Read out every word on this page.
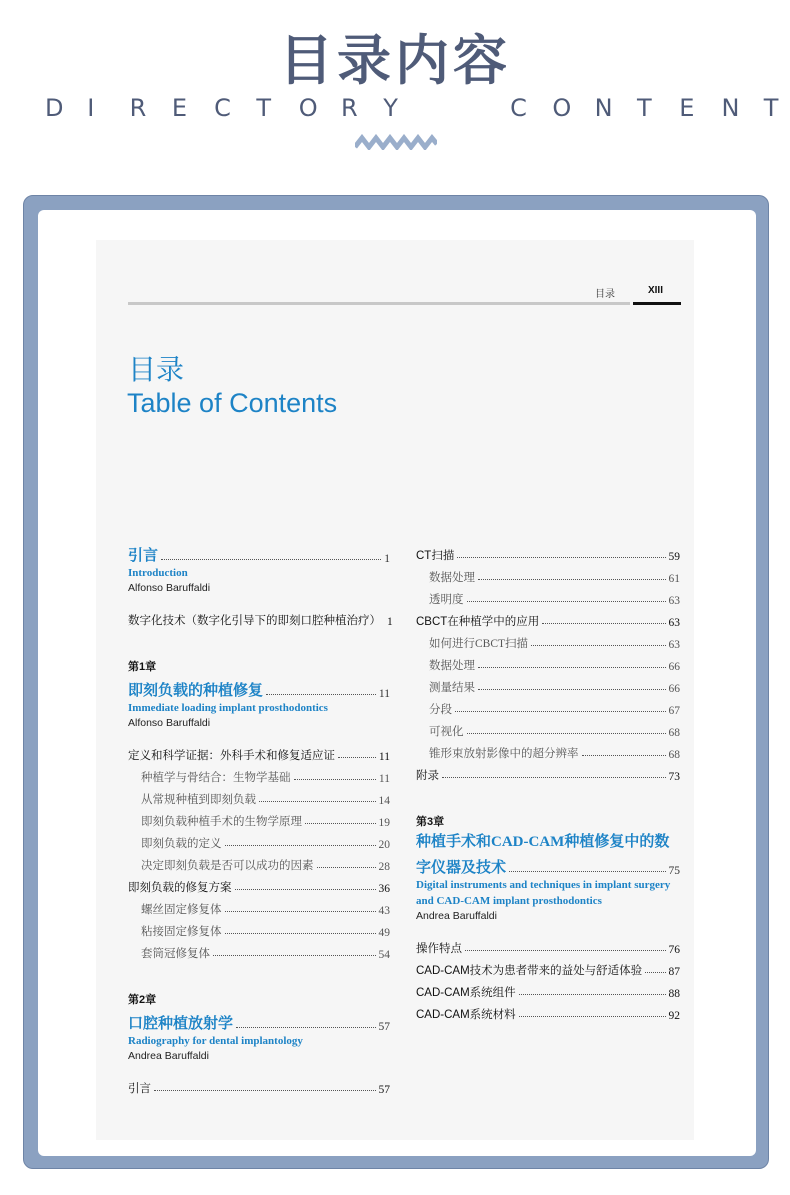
目录内容
D I R E C T O R Y	C O N T E N T
目录	XIII
目录
Table of Contents
引言	1
Introduction
Alfonso Baruffaldi
数字化技术（数字化引导下的即刻口腔种植治疗） 1
第1章
即刻负载的种植修复	11
Immediate loading implant prosthodontics
Alfonso Baruffaldi
定义和科学证据：外科手术和修复适应证	11
种植学与骨结合：生物学基础	11
从常规种植到即刻负载	14
即刻负载种植手术的生物学原理	19
即刻负载的定义	20
决定即刻负载是否可以成功的因素	28
即刻负载的修复方案	36
螺丝固定修复体	43
粘接固定修复体	49
套筒冠修复体	54
第2章
口腔种植放射学	57
Radiography for dental implantology
Andrea Baruffaldi
引言	57
CT扫描	59
数据处理	61
透明度	63
CBCT在种植学中的应用	63
如何进行CBCT扫描	63
数据处理	66
测量结果	66
分段	67
可视化	68
锥形束放射影像中的超分辨率	68
附录	73
第3章
种植手术和CAD-CAM种植修复中的数
字仪器及技术	75
Digital instruments and techniques in implant surgery and CAD-CAM implant prosthodontics
Andrea Baruffaldi
操作特点	76
CAD-CAM技术为患者带来的益处与舒适体验 87
CAD-CAM系统组件	88
CAD-CAM系统材料	92
